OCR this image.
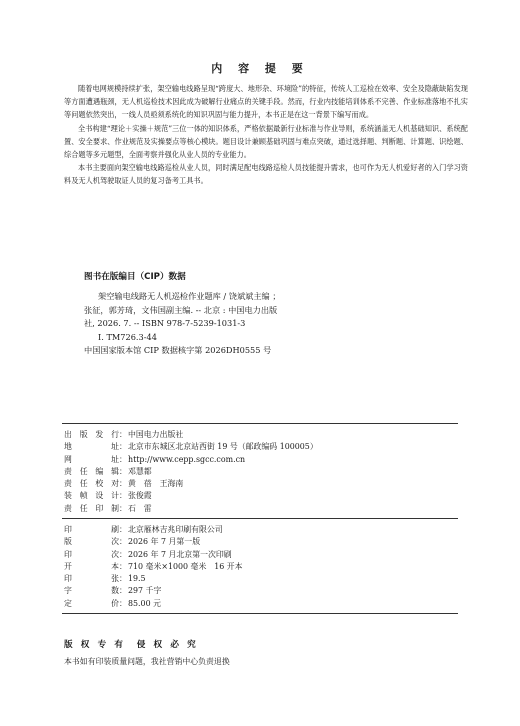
内 容 提 要

随着电网规模持续扩张，架空输电线路呈现“跨度大、地形杂、环境险”的特征，传统人工巡检在效率、安全及隐蔽缺陷发现等方面遭遇瓶颈，无人机巡检技术因此成为破解行业痛点的关键手段。然而，行业内技能培训体系不完善、作业标准落地不扎实等问题依然突出，一线人员亟须系统化的知识巩固与能力提升，本书正是在这一背景下编写而成。

全书构建“理论＋实操＋规范”三位一体的知识体系，严格依据最新行业标准与作业导则，系统涵盖无人机基础知识、系统配置、安全要求、作业规范及实操要点等核心模块。题目设计兼顾基础巩固与难点突破，通过选择题、判断题、计算题、识绘题、综合题等多元题型，全面考察并强化从业人员的专业能力。

本书主要面向架空输电线路巡检从业人员，同时满足配电线路巡检人员技能提升需求，也可作为无人机爱好者的入门学习资料及无人机驾驶取证人员的复习备考工具书。

图书在版编目（CIP）数据
架空输电线路无人机巡检作业题库 / 饶斌斌主编 ；
张征，郭芳琦，文伟国副主编. -- 北京 : 中国电力出版
社, 2026. 7. -- ISBN 978-7-5239-1031-3
Ⅰ. TM726.3-44
中国国家版本馆 CIP 数据核字第 2026DH0555 号
出版发行 ： 中国电力出版社
地址 ： 北京市东城区北京站西街 19 号（邮政编码 100005）
网址 ： http://www.cepp.sgcc.com.cn
责任编辑 ： 邓慧都
责任校对 ： 黄　蓓　王海南
装帧设计 ： 张俊霞
责任印制 ： 石　雷
印刷 ： 北京雁林吉兆印刷有限公司
版次 ： 2026 年 7 月第一版
印次 ： 2026 年 7 月北京第一次印刷
开本 ： 710 毫米×1000 毫米　16 开本
印张 ： 19.5
字数 ： 297 千字
定价 ： 85.00 元
版 权 专 有　侵 权 必 究
本书如有印装质量问题，我社营销中心负责退换
